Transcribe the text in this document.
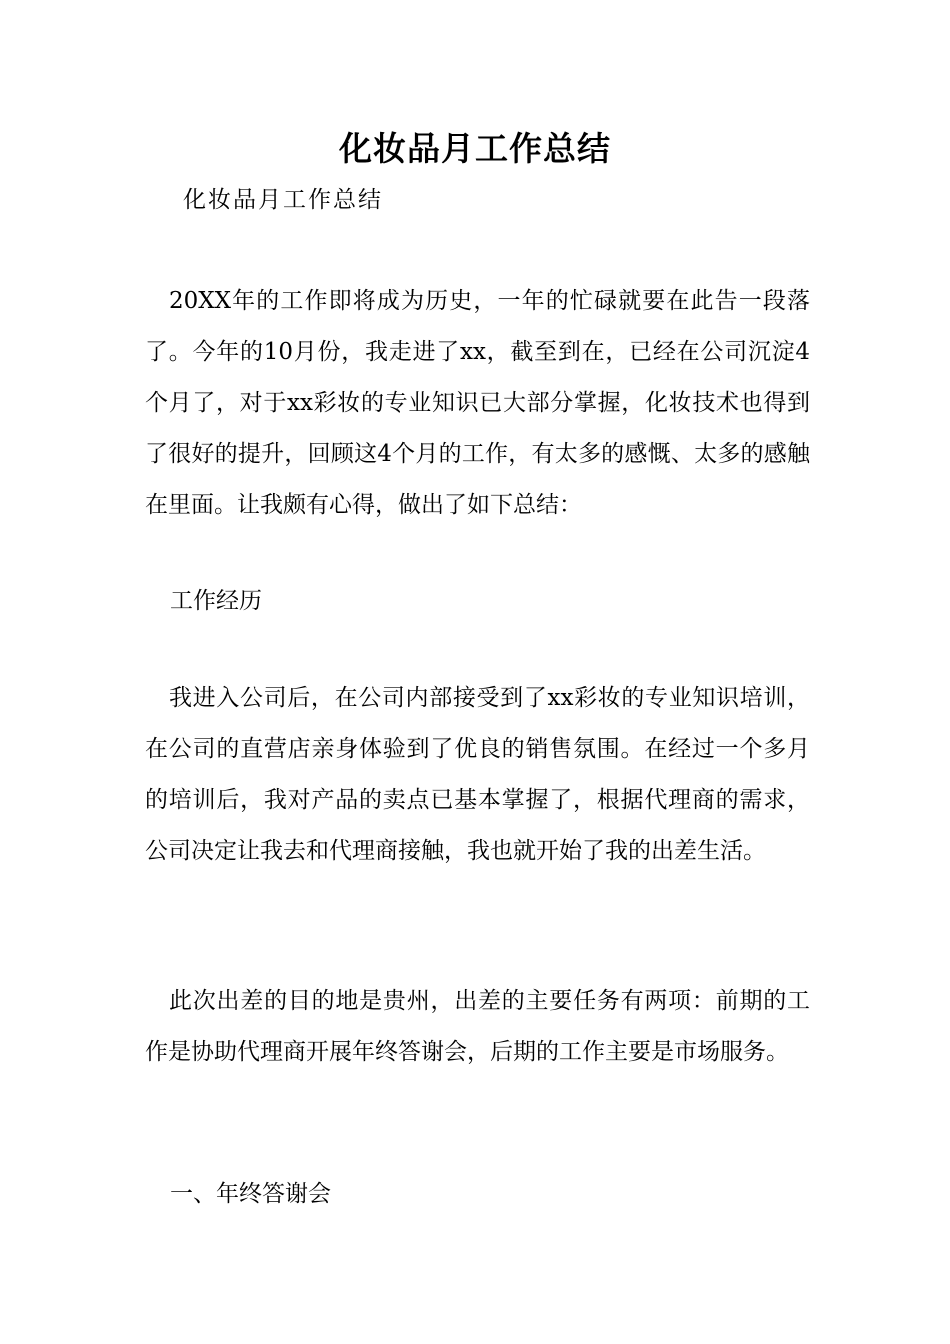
化妆品月工作总结
化妆品月工作总结

20XX年的工作即将成为历史，一年的忙碌就要在此告一段落了。今年的10月份，我走进了xx，截至到在，已经在公司沉淀4个月了，对于xx彩妆的专业知识已大部分掌握，化妆技术也得到了很好的提升，回顾这4个月的工作，有太多的感慨、太多的感触在里面。让我颇有心得，做出了如下总结：

工作经历

我进入公司后，在公司内部接受到了xx彩妆的专业知识培训，在公司的直营店亲身体验到了优良的销售氛围。在经过一个多月的培训后，我对产品的卖点已基本掌握了，根据代理商的需求，公司决定让我去和代理商接触，我也就开始了我的出差生活。

此次出差的目的地是贵州，出差的主要任务有两项：前期的工作是协助代理商开展年终答谢会，后期的工作主要是市场服务。

一、年终答谢会
